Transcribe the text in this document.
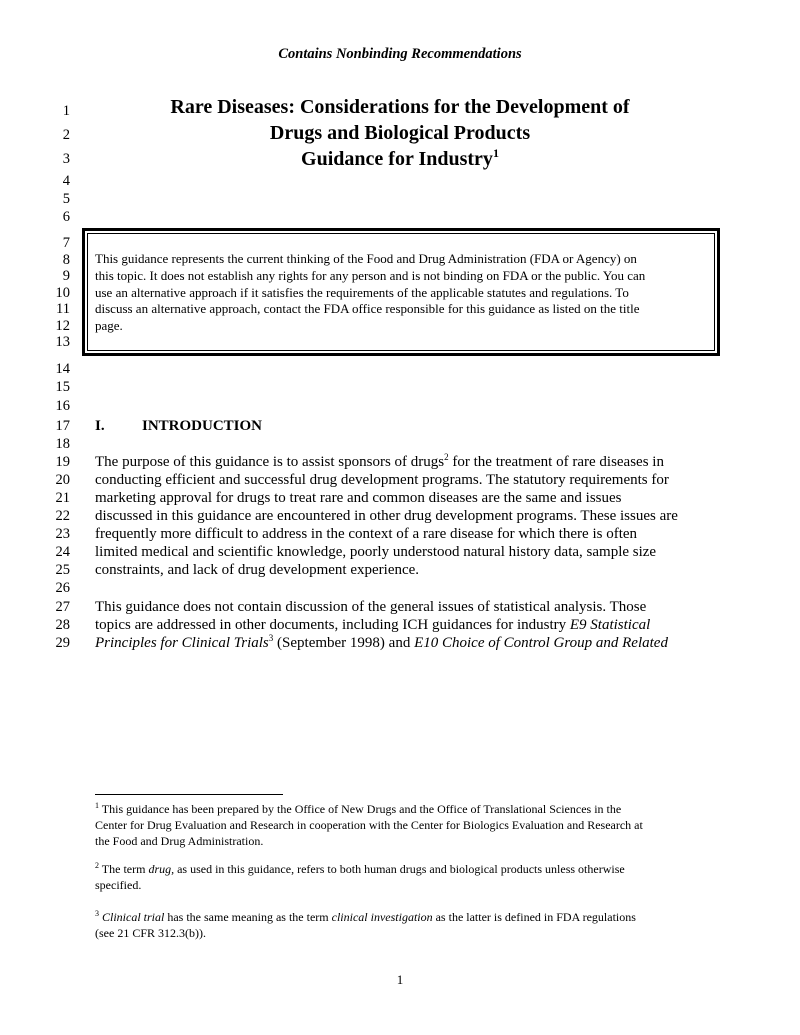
Contains Nonbinding Recommendations
Rare Diseases: Considerations for the Development of
Drugs and Biological Products
Guidance for Industry$^1$
1
2
3
4
5
6
7
8
9
10
11
12
13
14
15
16
17
18
19
20
21
22
23
24
25
26
27
28
29
This guidance represents the current thinking of the Food and Drug Administration (FDA or Agency) on
this topic. It does not establish any rights for any person and is not binding on FDA or the public. You can
use an alternative approach if it satisfies the requirements of the applicable statutes and regulations. To
discuss an alternative approach, contact the FDA office responsible for this guidance as listed on the title
page.
I. INTRODUCTION
The purpose of this guidance is to assist sponsors of drugs$^2$ for the treatment of rare diseases in
conducting efficient and successful drug development programs. The statutory requirements for
marketing approval for drugs to treat rare and common diseases are the same and issues
discussed in this guidance are encountered in other drug development programs. These issues are
frequently more difficult to address in the context of a rare disease for which there is often
limited medical and scientific knowledge, poorly understood natural history data, sample size
constraints, and lack of drug development experience.
This guidance does not contain discussion of the general issues of statistical analysis. Those
topics are addressed in other documents, including ICH guidances for industry E9 Statistical
Principles for Clinical Trials$^3$ (September 1998) and E10 Choice of Control Group and Related
$^1$ This guidance has been prepared by the Office of New Drugs and the Office of Translational Sciences in the
Center for Drug Evaluation and Research in cooperation with the Center for Biologics Evaluation and Research at
the Food and Drug Administration.
$^2$ The term drug, as used in this guidance, refers to both human drugs and biological products unless otherwise
specified.
$^3$ Clinical trial has the same meaning as the term clinical investigation as the latter is defined in FDA regulations
(see 21 CFR 312.3(b)).
1
